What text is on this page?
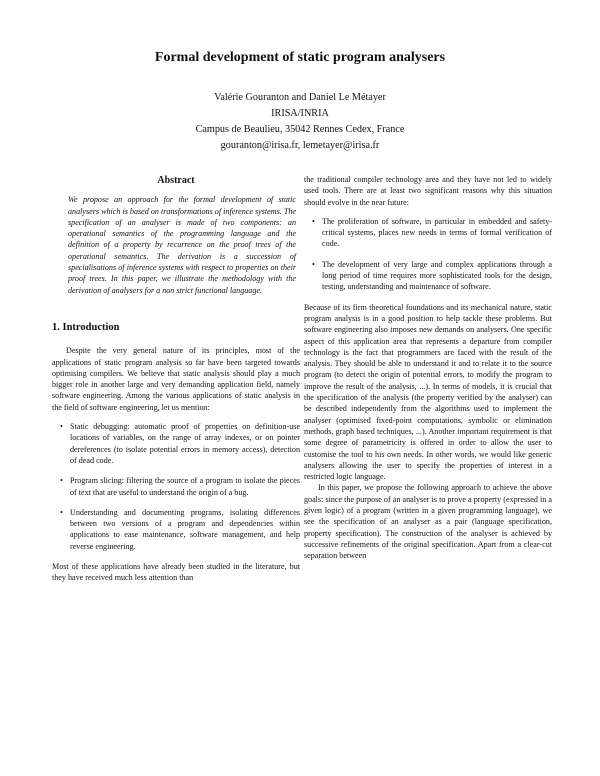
Formal development of static program analysers
Valérie Gouranton and Daniel Le Métayer
IRISA/INRIA
Campus de Beaulieu, 35042 Rennes Cedex, France
gouranton@irisa.fr, lemetayer@irisa.fr
Abstract

We propose an approach for the formal development of static analysers which is based on transformations of inference systems. The specification of an analyser is made of two components: an operational semantics of the programming language and the definition of a property by recurrence on the proof trees of the operational semantics. The derivation is a succession of specialisations of inference systems with respect to properties on their proof trees. In this paper, we illustrate the methodology with the derivation of analysers for a non strict functional language.

1. Introduction

Despite the very general nature of its principles, most of the applications of static program analysis so far have been targeted towards optimising compilers. We believe that static analysis should play a much bigger role in another large and very demanding application field, namely software engineering. Among the various applications of static analysis in the field of software engineering, let us mention:

• Static debugging: automatic proof of properties on definition-use locations of variables, on the range of array indexes, or on pointer dereferences (to isolate potential errors in memory access), detection of dead code.
• Program slicing: filtering the source of a program to isolate the pieces of text that are useful to understand the origin of a bug.
• Understanding and documenting programs, isolating differences between two versions of a program and dependencies within applications to ease maintenance, software management, and help reverse engineering.

Most of these applications have already been studied in the literature, but they have received much less attention than

the traditional compiler technology area and they have not led to widely used tools. There are at least two significant reasons why this situation should evolve in the near future:

• The proliferation of software, in particular in embedded and safety-critical systems, places new needs in terms of formal verification of code.
• The development of very large and complex applications through a long period of time requires more sophisticated tools for the design, testing, understanding and maintenance of software.

Because of its firm theoretical foundations and its mechanical nature, static program analysis is in a good position to help tackle these problems. But software engineering also imposes new demands on analysers. One specific aspect of this application area that represents a departure from compiler technology is the fact that programmers are faced with the result of the analysis. They should be able to understand it and to relate it to the source program (to detect the origin of potential errors, to modify the program to improve the result of the analysis, ...). In terms of models, it is crucial that the specification of the analysis (the property verified by the analyser) can be described independently from the algorithms used to implement the analyser (optimised fixed-point computations, symbolic or elimination methods, graph based techniques, ...). Another important requirement is that some degree of parametricity is offered in order to allow the user to customise the tool to his own needs. In other words, we would like generic analysers allowing the user to specify the properties of interest in a restricted logic language.

In this paper, we propose the following approach to achieve the above goals: since the purpose of an analyser is to prove a property (expressed in a given logic) of a program (written in a given programming language), we see the specification of an analyser as a pair (language specification, property specification). The construction of the analyser is achieved by successive refinements of the original specification. Apart from a clear-cut separation between
